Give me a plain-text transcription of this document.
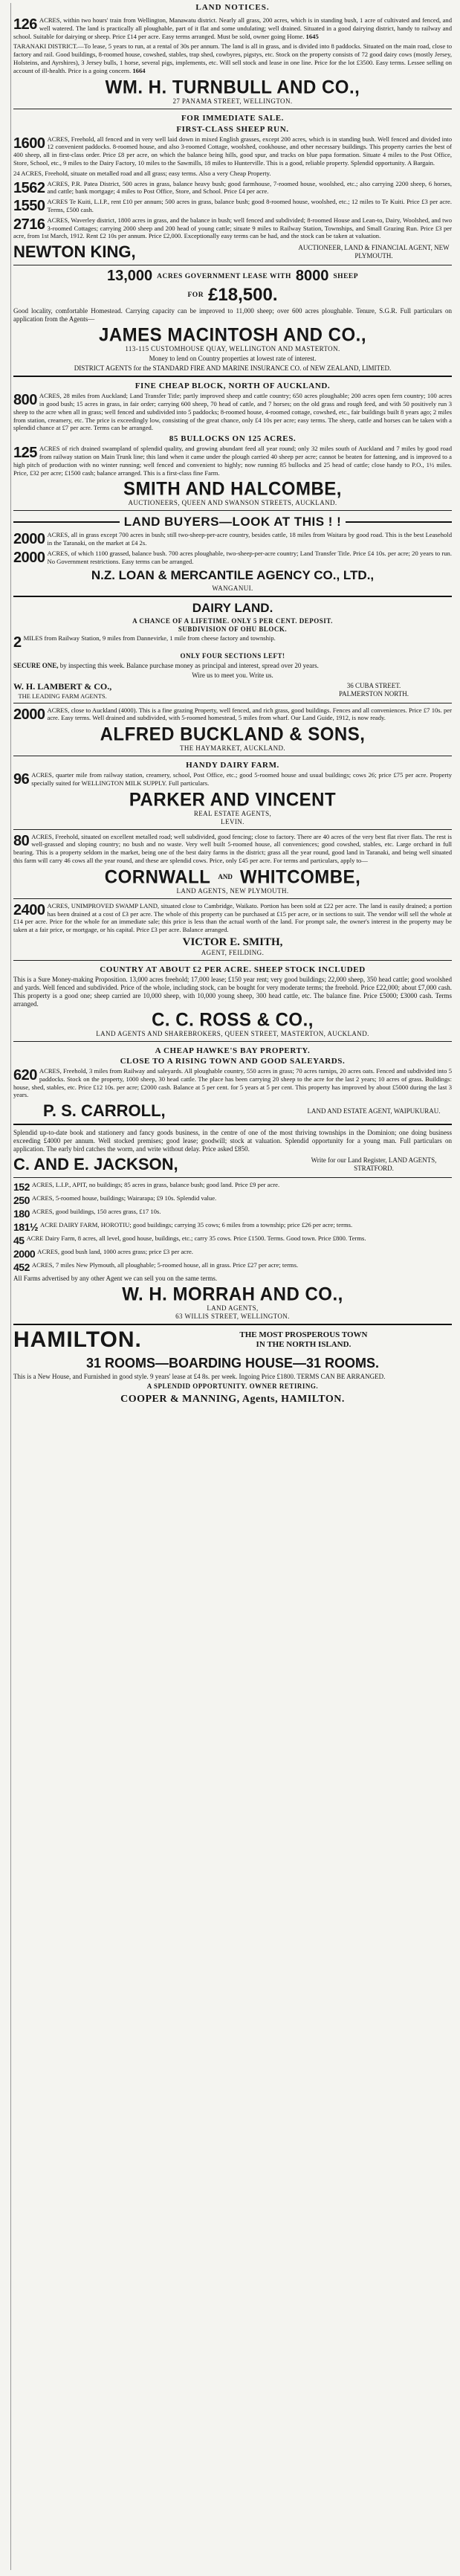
LAND NOTICES.
126 ACRES, within two hours' train from Wellington, Manawatu district. Nearly all grass, 200 acres, which is in standing bush, 1 acre of cultivated and fenced, and well watered. The land is practically all ploughable, part of it flat and some undulating; well drained. Situated in a good dairying district, handy to railway and school. Suitable for dairying or sheep. Price £14 per acre. Easy terms arranged. Must be sold, owner going Home. 1645
TARANAKI DISTRICT.—To lease, 5 years to run, at a rental of 30s per annum. The land is all in grass, and is divided into 8 paddocks. Situated on the main road, close to factory and rail. Good buildings, 8-roomed house, cowshed, stables, trap shed, cowbyres, pigstys, etc. Stock on the property consists of 72 good dairy cows (mostly Jersey, Holsteins, and Ayrshires), 3 Jersey bulls, 1 horse, several pigs, implements, etc. Will sell stock and lease in one line. Price for the lot £3500. Easy terms. Lessee selling on account of ill-health. Price is a going concern. 1664
WM. H. TURNBULL AND CO.,
27 PANAMA STREET, WELLINGTON.
FOR IMMEDIATE SALE.
FIRST-CLASS SHEEP RUN.
1600 ACRES, Freehold, all fenced and in very well laid down in mixed English grasses, except 200 acres, which is in standing bush. Well fenced and divided into 12 convenient paddocks. 8-roomed house, and also 3-roomed Cottage, woolshed, cookhouse, and other necessary buildings. This property carries the best of 400 sheep, all in first-class order. Price £8 per acre, on which the balance being hills, good spur, and tracks on blue papa formation. Situate 4 miles to the Post Office, Store, School, etc., 9 miles to the Dairy Factory, 10 miles to the Sawmills, 18 miles to Hunterville. This is a good, reliable property. Splendid opportunity. A Bargain.
24 ACRES, Freehold, situate on metalled road and all grass; easy terms. Also a very Cheap Property.
1562 ACRES, P.R. Patea District, 500 acres in grass, balance heavy bush; good farmhouse, 7-roomed house, woolshed, etc.; also carrying 2200 sheep, 6 horses, and cattle; bank mortgage; 4 miles to Post Office, Store, and School. Price £4 per acre.
1550 ACRES Te Kuiti, L.I.P., rent £10 per annum; 500 acres in grass, balance bush; good 8-roomed house, woolshed, etc.; 12 miles to Te Kuiti. Price £3 per acre. Terms, £500 cash.
2716 ACRES, Waverley district, 1800 acres in grass, and the balance in bush; well fenced and subdivided; 8-roomed House and Lean-to, Dairy, Woolshed, and two 3-roomed Cottages; carrying 2000 sheep and 200 head of young cattle; situate 9 miles to Railway Station, Townships, and Small Grazing Run. Price £3 per acre, from 1st March, 1912. Rent £2 10s per annum. Price £2,000. Exceptionally easy terms can be had, and the stock can be taken at valuation.
NEWTON KING,	AUCTIONEER, LAND & FINANCIAL AGENT, NEW PLYMOUTH.
13,000 ACRES GOVERNMENT LEASE WITH 8000 SHEEP
FOR £18,500.
Good locality, comfortable Homestead. Carrying capacity can be improved to 11,000 sheep; over 600 acres ploughable. Tenure, S.G.R. Full particulars on application from the Agents—
JAMES MACINTOSH AND CO.,
113-115 CUSTOMHOUSE QUAY, WELLINGTON AND MASTERTON.
Money to lend on Country properties at lowest rate of interest.
DISTRICT AGENTS for the STANDARD FIRE AND MARINE INSURANCE CO. of NEW ZEALAND, LIMITED.
FINE CHEAP BLOCK, NORTH OF AUCKLAND.
800 ACRES, 28 miles from Auckland; Land Transfer Title; partly improved sheep and cattle country; 650 acres ploughable; 200 acres open fern country; 100 acres in good bush; 15 acres in grass, in fair order; carrying 600 sheep, 70 head of cattle, and 7 horses; on the old grass and rough feed, and with 50 positively run 3 sheep to the acre when all in grass; well fenced and subdivided into 5 paddocks; 8-roomed house, 4-roomed cottage, cowshed, etc., fair buildings built 8 years ago; 2 miles from station, creamery, etc. The price is exceedingly low, consisting of the great chance, only £4 10s per acre; easy terms. The sheep, cattle and horses can be taken with a splendid chance at £7 per acre. Terms can be arranged.
85 BULLOCKS ON 125 ACRES.
125 ACRES of rich drained swampland of splendid quality, and growing abundant feed all year round; only 32 miles south of Auckland and 7 miles by good road from railway station on Main Trunk line; this land when it came under the plough carried 40 sheep per acre; cannot be beaten for fattening, and is improved to a high pitch of production with no winter running; well fenced and convenient to highly; now running 85 bullocks and 25 head of cattle; close handy to P.O., 1½ miles. Price, £32 per acre; £1500 cash; balance arranged. This is a first-class fine Farm.
SMITH AND HALCOMBE,
AUCTIONEERS, QUEEN AND SWANSON STREETS, AUCKLAND.
LAND BUYERS—LOOK AT THIS ! !
2000 ACRES, all in grass except 700 acres in bush; still two-sheep-per-acre country, besides cattle, 18 miles from Waitara by good road. This is the best Leasehold in the Taranaki, on the market at £4 2s.
2000 ACRES, of which 1100 grassed, balance bush. 700 acres ploughable, two-sheep-per-acre country; Land Transfer Title. Price £4 10s. per acre; 20 years to run. No Government restrictions. Easy terms can be arranged.
N.Z. LOAN & MERCANTILE AGENCY CO., LTD.,
WANGANUI.
DAIRY LAND.
A CHANCE OF A LIFETIME. ONLY 5 PER CENT. DEPOSIT.
SUBDIVISION OF OHU BLOCK.
2 MILES from Railway Station, 9 miles from Dannevirke, 1 mile from cheese factory and township.
ONLY FOUR SECTIONS LEFT!
SECURE ONE, by inspecting this week. Balance purchase money as principal and interest, spread over 20 years.
Wire us to meet you. Write us.
W. H. LAMBERT & CO.,
THE LEADING FARM AGENTS.
36 CUBA STREET.
PALMERSTON NORTH.
2000 ACRES, close to Auckland (4000). This is a fine grazing Property, well fenced, and rich grass, good buildings. Fences and all conveniences. Price £7 10s. per acre. Easy terms. Well drained and subdivided, with 5-roomed homestead, 5 miles from wharf. Our Land Guide, 1912, is now ready.
ALFRED BUCKLAND & SONS,
THE HAYMARKET, AUCKLAND.
HANDY DAIRY FARM.
96 ACRES, quarter mile from railway station, creamery, school, Post Office, etc.; good 5-roomed house and usual buildings; cows 26; price £75 per acre. Property specially suited for WELLINGTON MILK SUPPLY. Full particulars.
PARKER AND VINCENT
REAL ESTATE AGENTS,
LEVIN.
80 ACRES, Freehold, situated on excellent metalled road; well subdivided, good fencing; close to factory. There are 40 acres of the very best flat river flats. The rest is well-grassed and sloping country; no bush and no waste. Very well built 5-roomed house, all conveniences; good cowshed, stables, etc. Large orchard in full bearing. This is a property seldom in the market, being one of the best dairy farms in the district; grass all the year round, good land in Taranaki, and being well situated this farm will carry 46 cows all the year round, and these are splendid cows. Price, only £45 per acre. For terms and particulars, apply to—
CORNWALL AND WHITCOMBE,
LAND AGENTS, NEW PLYMOUTH.
2400 ACRES, UNIMPROVED SWAMP LAND, situated close to Cambridge, Waikato. Portion has been sold at £22 per acre. The land is easily drained; a portion has been drained at a cost of £3 per acre. The whole of this property can be purchased at £15 per acre, or in sections to suit. The vendor will sell the whole at £14 per acre. Price for the whole for an immediate sale; this price is less than the actual worth of the land. For prompt sale, the owner's interest in the property may be taken at a fair price, or mortgage, or his capital. Price £3 per acre. Balance arranged.
VICTOR E. SMITH,
AGENT, FEILDING.
COUNTRY AT ABOUT £2 PER ACRE. SHEEP STOCK INCLUDED
This is a Sure Money-making Proposition. 13,000 acres freehold; 17,000 lease; £150 year rent; very good buildings; 22,000 sheep, 350 head cattle; good woolshed and yards. Well fenced and subdivided. Price of the whole, including stock, can be bought for very moderate terms; the freehold. Price £22,000; about £7,000 cash. This property is a good one; sheep carried are 10,000 sheep, with 10,000 young sheep, 300 head cattle, etc. The balance fine. Price £5000; £3000 cash. Terms arranged.
C. C. ROSS & CO.,
LAND AGENTS AND SHAREBROKERS, QUEEN STREET, MASTERTON, AUCKLAND.
A CHEAP HAWKE'S BAY PROPERTY.
CLOSE TO A RISING TOWN AND GOOD SALEYARDS.
620 ACRES, Freehold, 3 miles from Railway and saleyards. All ploughable country, 550 acres in grass; 70 acres turnips, 20 acres oats. Fenced and subdivided into 5 paddocks. Stock on the property, 1000 sheep, 30 head cattle. The place has been carrying 20 sheep to the acre for the last 2 years; 10 acres of grass. Buildings: house, shed, stables, etc. Price £12 10s. per acre; £2000 cash. Balance at 5 per cent. for 5 years at 5 per cent. This property has improved by about £5000 during the last 3 years.
P. S. CARROLL,	LAND AND ESTATE AGENT, WAIPUKURAU.
Splendid up-to-date book and stationery and fancy goods business, in the centre of one of the most thriving townships in the Dominion; one doing business exceeding £4000 per annum. Well stocked premises; good lease; goodwill; stock at valuation. Splendid opportunity for a young man. Full particulars on application. The early bird catches the worm, and write without delay. Price asked £850.
C. AND E. JACKSON,	Write for our Land Register, LAND AGENTS, STRATFORD.
152 ACRES, L.I.P., APIT, no buildings; 85 acres in grass, balance bush; good land. Price £9 per acre.
250 ACRES, 5-roomed house, buildings; Wairarapa; £9 10s. Splendid value.
180 ACRES, good buildings, 150 acres grass, £17 10s.
181½ ACRE DAIRY FARM, HOROTIU; good buildings; carrying 35 cows; 6 miles from a township; price £26 per acre; terms.
45 ACRE Dairy Farm, 8 acres, all level, good house, buildings, etc.; carry 35 cows. Price £1500. Terms. Good town. Price £800. Terms.
2000 ACRES, good bush land, 1000 acres grass; price £3 per acre.
452 ACRES, 7 miles New Plymouth, all ploughable; 5-roomed house, all in grass. Price £27 per acre; terms.
All Farms advertised by any other Agent we can sell you on the same terms.
W. H. MORRAH AND CO.,
LAND AGENTS,
63 WILLIS STREET, WELLINGTON.
HAMILTON.	THE MOST PROSPEROUS TOWN
IN THE NORTH ISLAND.
31 ROOMS—BOARDING HOUSE—31 ROOMS.
This is a New House, and Furnished in good style. 9 years' lease at £4 8s. per week. Ingoing Price £1800. TERMS CAN BE ARRANGED.
A SPLENDID OPPORTUNITY. OWNER RETIRING.
COOPER & MANNING, Agents, HAMILTON.
